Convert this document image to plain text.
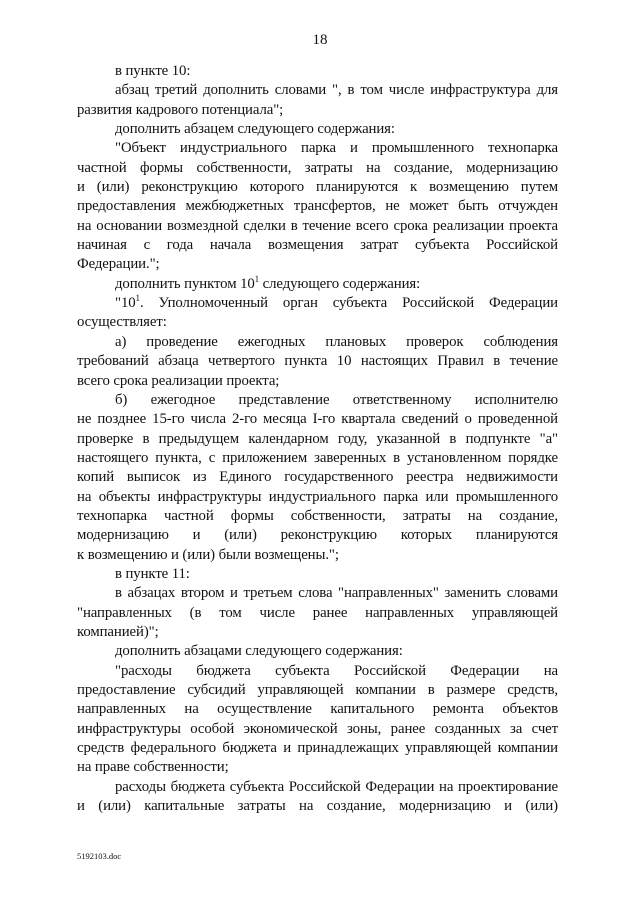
18
в пункте 10:
абзац третий дополнить словами ", в том числе инфраструктура для
развития кадрового потенциала";
дополнить абзацем следующего содержания:
"Объект индустриального парка и промышленного технопарка
частной формы собственности, затраты на создание, модернизацию
и (или) реконструкцию которого планируются к возмещению путем
предоставления межбюджетных трансфертов, не может быть отчужден
на основании возмездной сделки в течение всего срока реализации проекта
начиная с года начала возмещения затрат субъекта Российской
Федерации.";
дополнить пунктом $10^1$ следующего содержания:
"$10^1$. Уполномоченный орган субъекта Российской Федерации
осуществляет:
а) проведение ежегодных плановых проверок соблюдения
требований абзаца четвертого пункта 10 настоящих Правил в течение
всего срока реализации проекта;
б) ежегодное представление ответственному исполнителю
не позднее 15-го числа 2-го месяца I-го квартала сведений о проведенной
проверке в предыдущем календарном году, указанной в подпункте "а"
настоящего пункта, с приложением заверенных в установленном порядке
копий выписок из Единого государственного реестра недвижимости
на объекты инфраструктуры индустриального парка или промышленного
технопарка частной формы собственности, затраты на создание,
модернизацию и (или) реконструкцию которых планируются
к возмещению и (или) были возмещены.";
в пункте 11:
в абзацах втором и третьем слова "направленных" заменить словами
"направленных (в том числе ранее направленных управляющей
компанией)";
дополнить абзацами следующего содержания:
"расходы бюджета субъекта Российской Федерации на
предоставление субсидий управляющей компании в размере средств,
направленных на осуществление капитального ремонта объектов
инфраструктуры особой экономической зоны, ранее созданных за счет
средств федерального бюджета и принадлежащих управляющей компании
на праве собственности;
расходы бюджета субъекта Российской Федерации на проектирование
и (или) капитальные затраты на создание, модернизацию и (или)
5192103.doc
